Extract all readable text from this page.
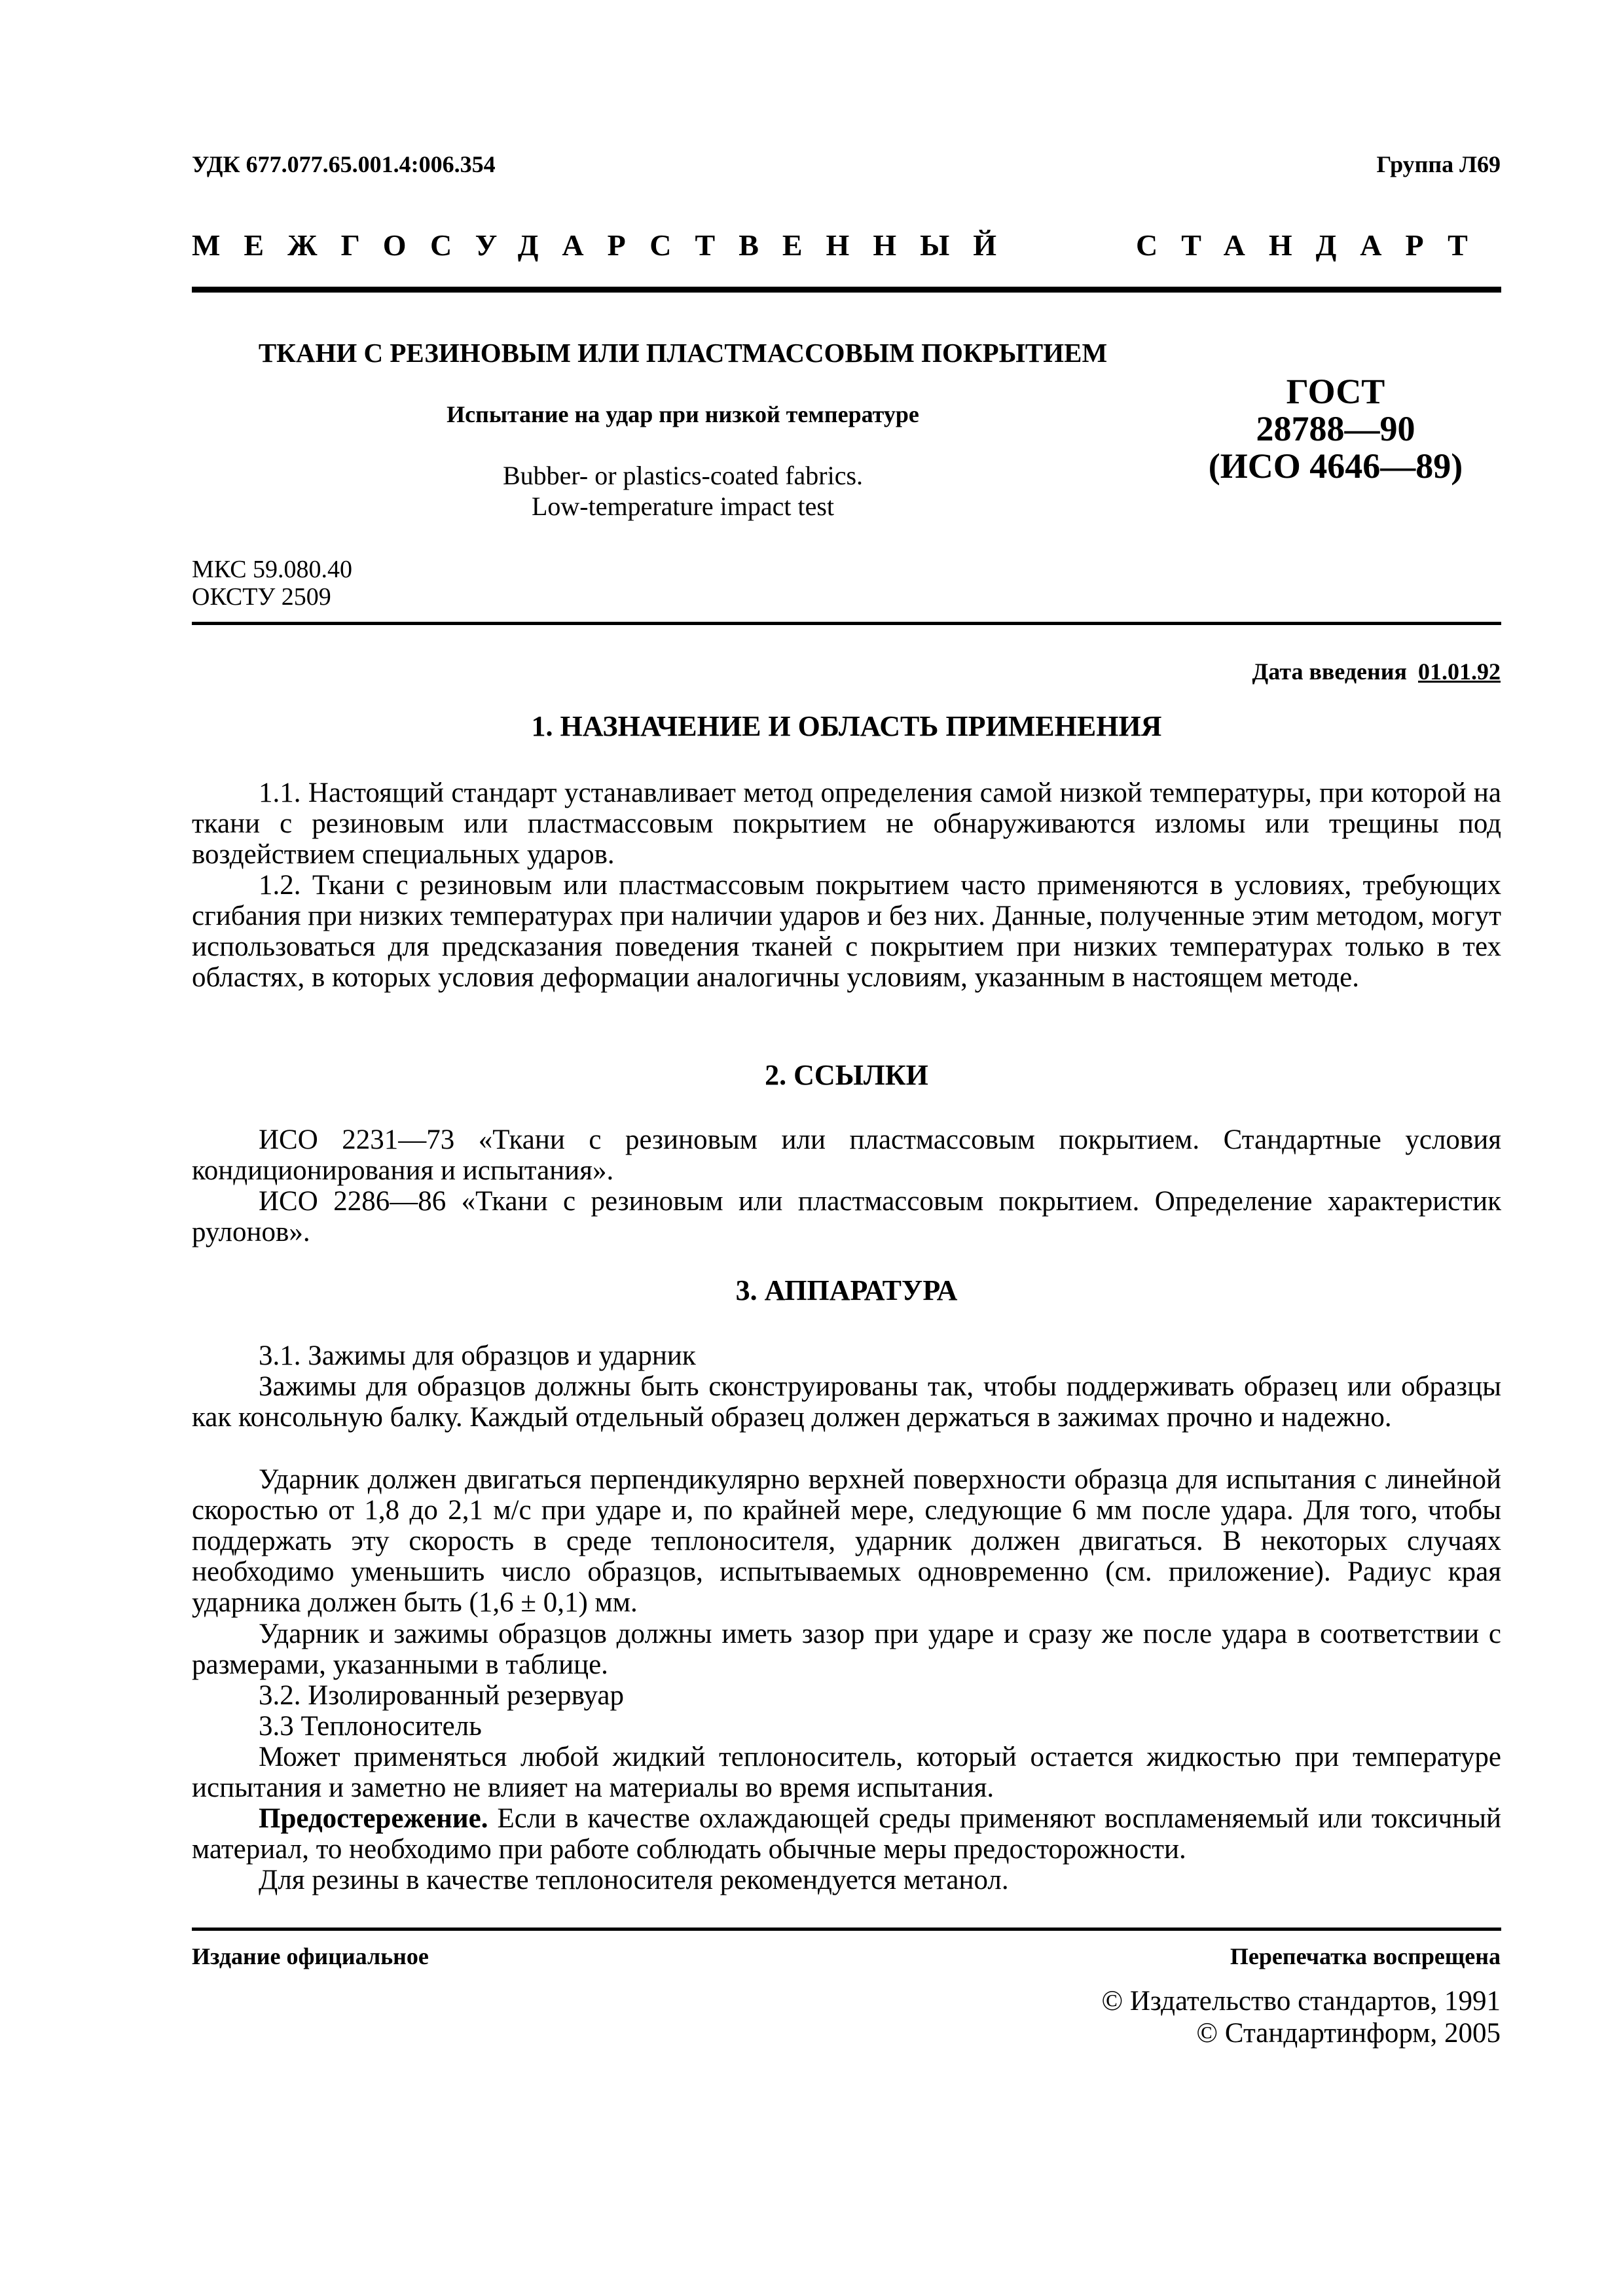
УДК 677.077.65.001.4:006.354	Группа Л69
МЕЖГОСУДАРСТВЕННЫЙ	СТАНДАРТ
ТКАНИ С РЕЗИНОВЫМ ИЛИ ПЛАСТМАССОВЫМ ПОКРЫТИЕМ
Испытание на удар при низкой температуре
Bubber- or plastics-coated fabrics.
Low-temperature impact test
ГОСТ
28788—90
(ИСО 4646—89)
МКС 59.080.40
ОКСТУ 2509
Дата введения 01.01.92
1. НАЗНАЧЕНИЕ И ОБЛАСТЬ ПРИМЕНЕНИЯ

1.1. Настоящий стандарт устанавливает метод определения самой низкой температуры, при которой на ткани с резиновым или пластмассовым покрытием не обнаруживаются изломы или трещины под воздействием специальных ударов.

1.2. Ткани с резиновым или пластмассовым покрытием часто применяются в условиях, требующих сгибания при низких температурах при наличии ударов и без них. Данные, полученные этим методом, могут использоваться для предсказания поведения тканей с покрытием при низких температурах только в тех областях, в которых условия деформации аналогичны условиям, указанным в настоящем методе.

2. ССЫЛКИ

ИСО 2231—73 «Ткани с резиновым или пластмассовым покрытием. Стандартные условия кондиционирования и испытания».

ИСО 2286—86 «Ткани с резиновым или пластмассовым покрытием. Определение характеристик рулонов».

3. АППАРАТУРА

3.1. Зажимы для образцов и ударник

Зажимы для образцов должны быть сконструированы так, чтобы поддерживать образец или образцы как консольную балку. Каждый отдельный образец должен держаться в зажимах прочно и надежно.

Ударник должен двигаться перпендикулярно верхней поверхности образца для испытания с линейной скоростью от 1,8 до 2,1 м/с при ударе и, по крайней мере, следующие 6 мм после удара. Для того, чтобы поддержать эту скорость в среде теплоносителя, ударник должен двигаться. В некоторых случаях необходимо уменьшить число образцов, испытываемых одновременно (см. приложение). Радиус края ударника должен быть (1,6 ± 0,1) мм.

Ударник и зажимы образцов должны иметь зазор при ударе и сразу же после удара в соответствии с размерами, указанными в таблице.

3.2. Изолированный резервуар

3.3 Теплоноситель

Может применяться любой жидкий теплоноситель, который остается жидкостью при температуре испытания и заметно не влияет на материалы во время испытания.

Предостережение. Если в качестве охлаждающей среды применяют воспламеняемый или токсичный материал, то необходимо при работе соблюдать обычные меры предосторожности.

Для резины в качестве теплоносителя рекомендуется метанол.

Издание официальное	Перепечатка воспрещена
© Издательство стандартов, 1991
© Стандартинформ, 2005
